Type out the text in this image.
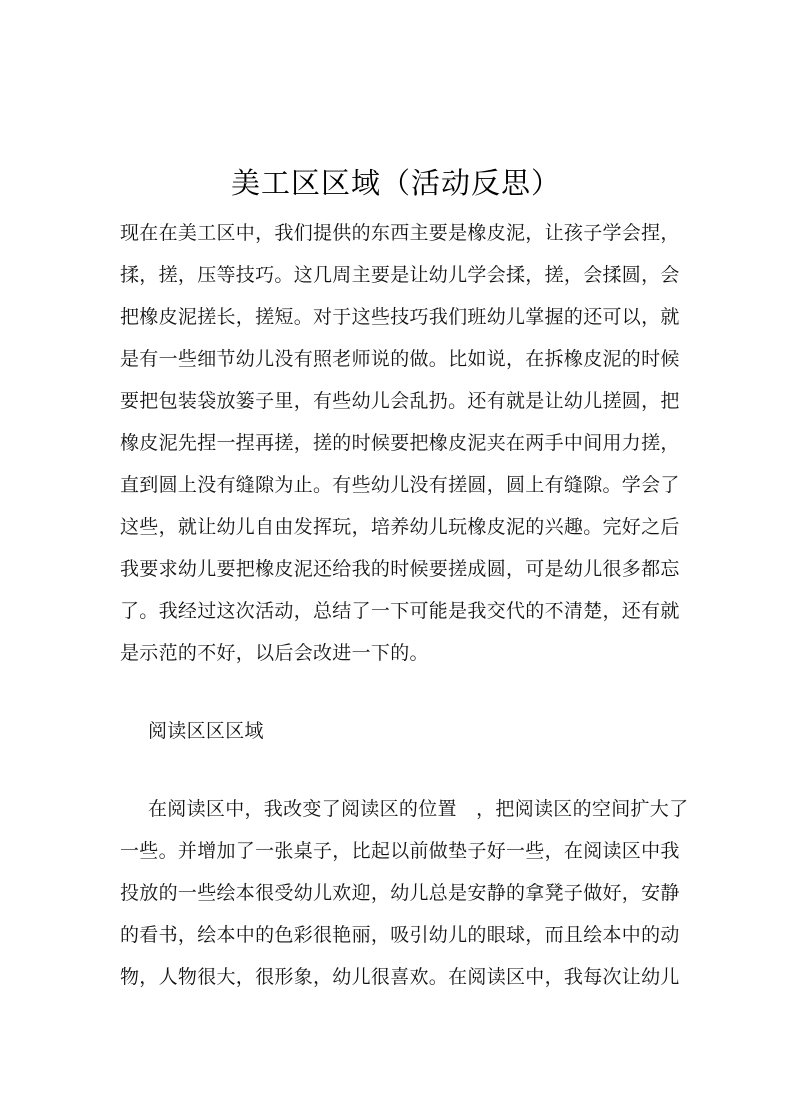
美工区区域（活动反思）
现在在美工区中，我们提供的东西主要是橡皮泥，让孩子学会捏，
揉，搓，压等技巧。这几周主要是让幼儿学会揉，搓，会揉圆，会
把橡皮泥搓长，搓短。对于这些技巧我们班幼儿掌握的还可以，就
是有一些细节幼儿没有照老师说的做。比如说，在拆橡皮泥的时候
要把包装袋放篓子里，有些幼儿会乱扔。还有就是让幼儿搓圆，把
橡皮泥先捏一捏再搓，搓的时候要把橡皮泥夹在两手中间用力搓，
直到圆上没有缝隙为止。有些幼儿没有搓圆，圆上有缝隙。学会了
这些，就让幼儿自由发挥玩，培养幼儿玩橡皮泥的兴趣。完好之后
我要求幼儿要把橡皮泥还给我的时候要搓成圆，可是幼儿很多都忘
了。我经过这次活动，总结了一下可能是我交代的不清楚，还有就
是示范的不好，以后会改进一下的。
阅读区区区域
在阅读区中，我改变了阅读区的位置　，把阅读区的空间扩大了
一些。并增加了一张桌子，比起以前做垫子好一些，在阅读区中我
投放的一些绘本很受幼儿欢迎，幼儿总是安静的拿凳子做好，安静
的看书，绘本中的色彩很艳丽，吸引幼儿的眼球，而且绘本中的动
物，人物很大，很形象，幼儿很喜欢。在阅读区中，我每次让幼儿
